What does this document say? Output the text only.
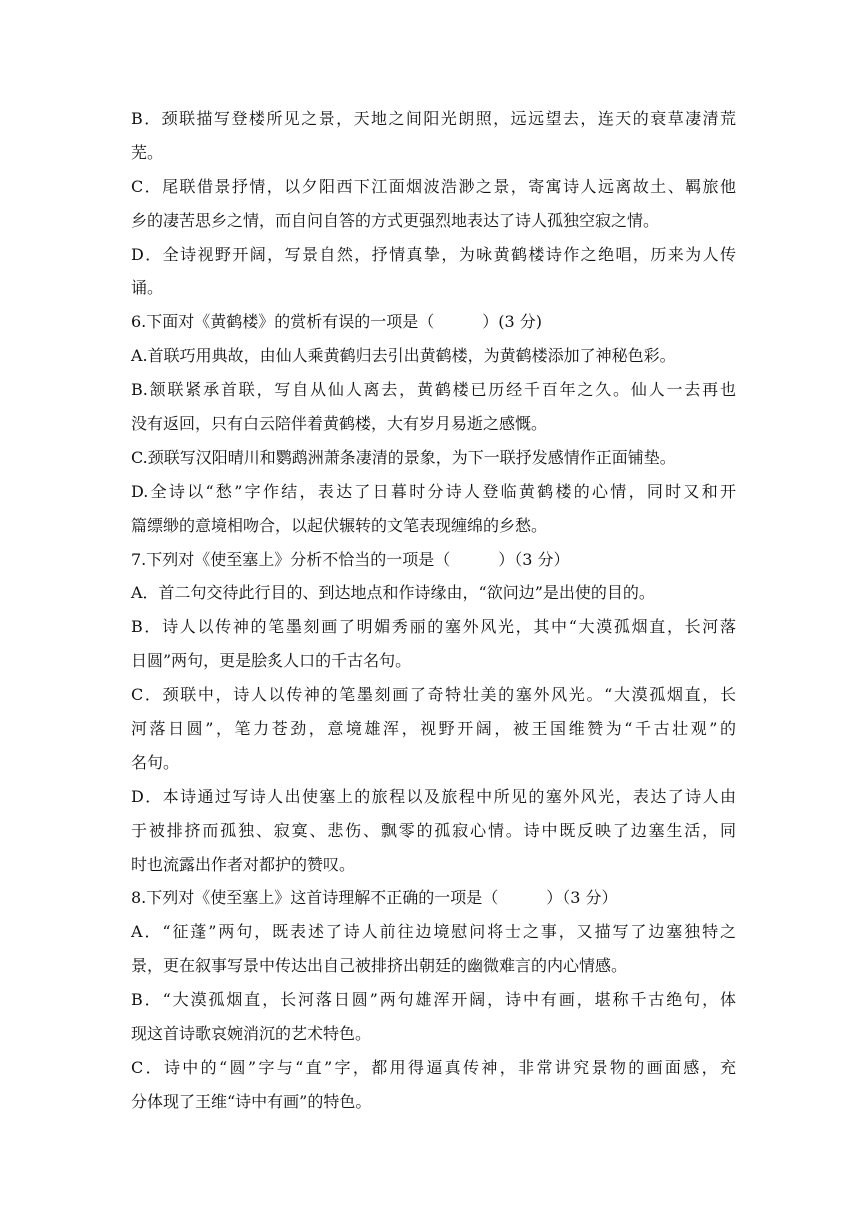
B．颈联描写登楼所见之景，天地之间阳光朗照，远远望去，连天的衰草凄清荒
芜。
C．尾联借景抒情，以夕阳西下江面烟波浩渺之景，寄寓诗人远离故土、羁旅他
乡的凄苦思乡之情，而自问自答的方式更强烈地表达了诗人孤独空寂之情。
D．全诗视野开阔，写景自然，抒情真挚，为咏黄鹤楼诗作之绝唱，历来为人传
诵。
6.下面对《黄鹤楼》的赏析有误的一项是（　　　）(3 分)
A.首联巧用典故，由仙人乘黄鹤归去引出黄鹤楼，为黄鹤楼添加了神秘色彩。
B.颔联紧承首联，写自从仙人离去，黄鹤楼已历经千百年之久。仙人一去再也
没有返回，只有白云陪伴着黄鹤楼，大有岁月易逝之感慨。
C.颈联写汉阳晴川和鹦鹉洲萧条凄清的景象，为下一联抒发感情作正面铺垫。
D.全诗以“愁”字作结，表达了日暮时分诗人登临黄鹤楼的心情，同时又和开
篇缥缈的意境相吻合，以起伏辗转的文笔表现缠绵的乡愁。
7.下列对《使至塞上》分析不恰当的一项是（　　　）（3 分）
A．首二句交待此行目的、到达地点和作诗缘由，“欲问边”是出使的目的。
B．诗人以传神的笔墨刻画了明媚秀丽的塞外风光，其中“大漠孤烟直，长河落
日圆”两句，更是脍炙人口的千古名句。
C．颈联中，诗人以传神的笔墨刻画了奇特壮美的塞外风光。“大漠孤烟直，长
河落日圆”，笔力苍劲，意境雄浑，视野开阔，被王国维赞为“千古壮观”的
名句。
D．本诗通过写诗人出使塞上的旅程以及旅程中所见的塞外风光，表达了诗人由
于被排挤而孤独、寂寞、悲伤、飘零的孤寂心情。诗中既反映了边塞生活，同
时也流露出作者对都护的赞叹。
8.下列对《使至塞上》这首诗理解不正确的一项是（　　　）（3 分）
A．“征蓬”两句，既表述了诗人前往边境慰问将士之事，又描写了边塞独特之
景，更在叙事写景中传达出自己被排挤出朝廷的幽微难言的内心情感。
B．“大漠孤烟直，长河落日圆”两句雄浑开阔，诗中有画，堪称千古绝句，体
现这首诗歌哀婉消沉的艺术特色。
C．诗中的“圆”字与“直”字，都用得逼真传神，非常讲究景物的画面感，充
分体现了王维“诗中有画”的特色。
